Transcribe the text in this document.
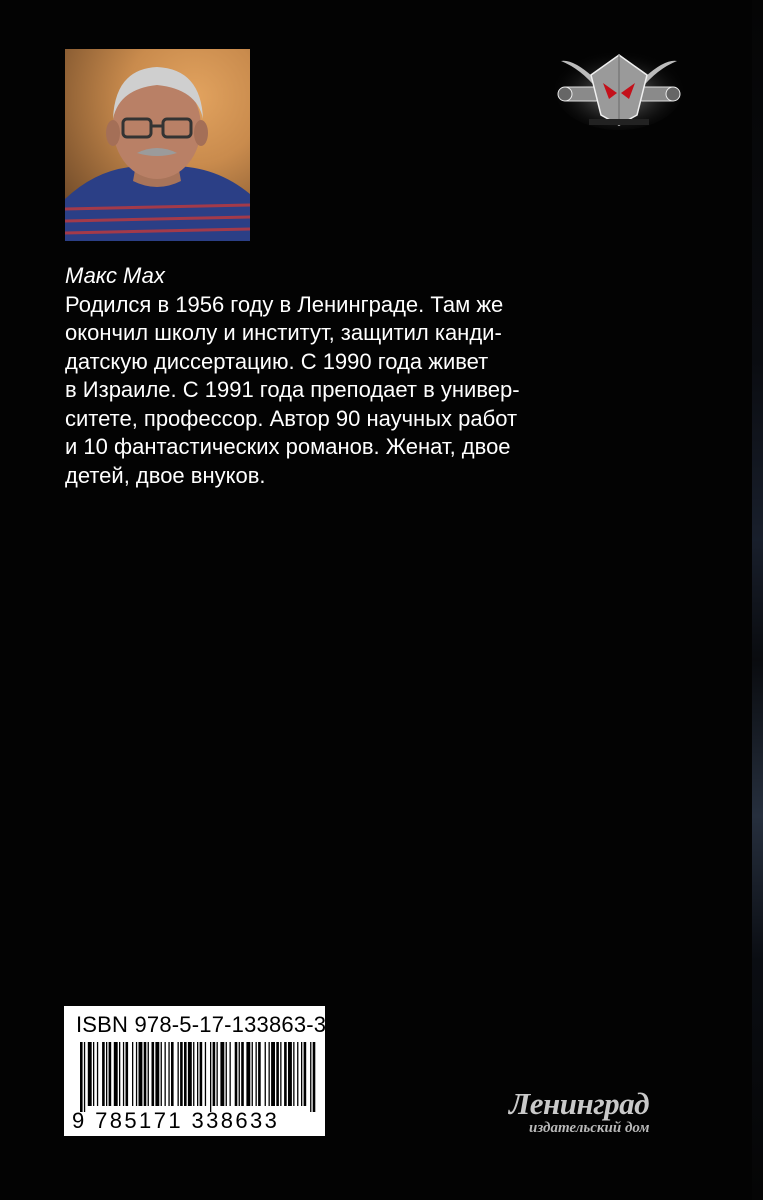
Макс Мах

Родился в 1956 году в Ленинграде. Там же

окончил школу и институт, защитил канди-

датскую диссертацию. С 1990 года живет

в Израиле. С 1991 года преподает в универ-

ситете, профессор. Автор 90 научных работ

и 10 фантастических романов. Женат, двое

детей, двое внуков.

ISBN 978-5-17-133863-3
9 785171 338633	Ленинград
издательский дом
